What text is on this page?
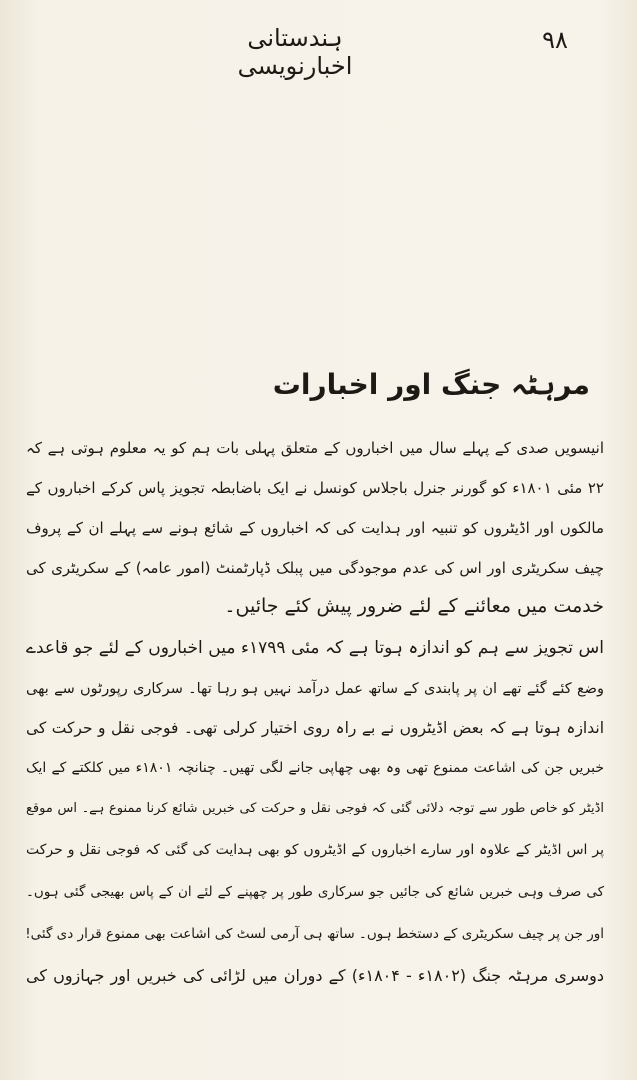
۹۸
ہندستانی اخبارنویسی
مرہٹہ جنگ اور اخبارات
انیسویں صدی کے پہلے سال میں اخباروں کے متعلق پہلی بات ہم کو یہ معلوم ہوتی ہے کہ
۲۲ مئی ۱۸۰۱ء کو گورنر جنرل باجلاس کونسل نے ایک باضابطہ تجویز پاس کرکے اخباروں کے
مالکوں اور اڈیٹروں کو تنبیہ اور ہدایت کی کہ اخباروں کے شائع ہونے سے پہلے ان کے پروف
چیف سکریٹری اور اس کی عدم موجودگی میں پبلک ڈپارٹمنٹ (امور عامہ) کے سکریٹری کی
خدمت میں معائنے کے لئے ضرور پیش کئے جائیں۔
اس تجویز سے ہم کو اندازہ ہوتا ہے کہ مئی ۱۷۹۹ء میں اخباروں کے لئے جو قاعدے
وضع کئے گئے تھے ان پر پابندی کے ساتھ عمل درآمد نہیں ہو رہا تھا۔ سرکاری رپورٹوں سے بھی
اندازہ ہوتا ہے کہ بعض اڈیٹروں نے بے راہ روی اختیار کرلی تھی۔ فوجی نقل و حرکت کی
خبریں جن کی اشاعت ممنوع تھی وہ بھی چھاپی جانے لگی تھیں۔ چنانچہ ۱۸۰۱ء میں کلکتے کے ایک
اڈیٹر کو خاص طور سے توجہ دلائی گئی کہ فوجی نقل و حرکت کی خبریں شائع کرنا ممنوع ہے۔ اس موقع
پر اس اڈیٹر کے علاوہ اور سارے اخباروں کے اڈیٹروں کو بھی ہدایت کی گئی کہ فوجی نقل و حرکت
کی صرف وہی خبریں شائع کی جائیں جو سرکاری طور پر چھپنے کے لئے ان کے پاس بھیجی گئی ہوں۔
اور جن پر چیف سکریٹری کے دستخط ہوں۔ ساتھ ہی آرمی لسٹ کی اشاعت بھی ممنوع قرار دی گئی!
دوسری مرہٹہ جنگ (۱۸۰۲ء - ۱۸۰۴ء) کے دوران میں لڑائی کی خبریں اور جہازوں کی
